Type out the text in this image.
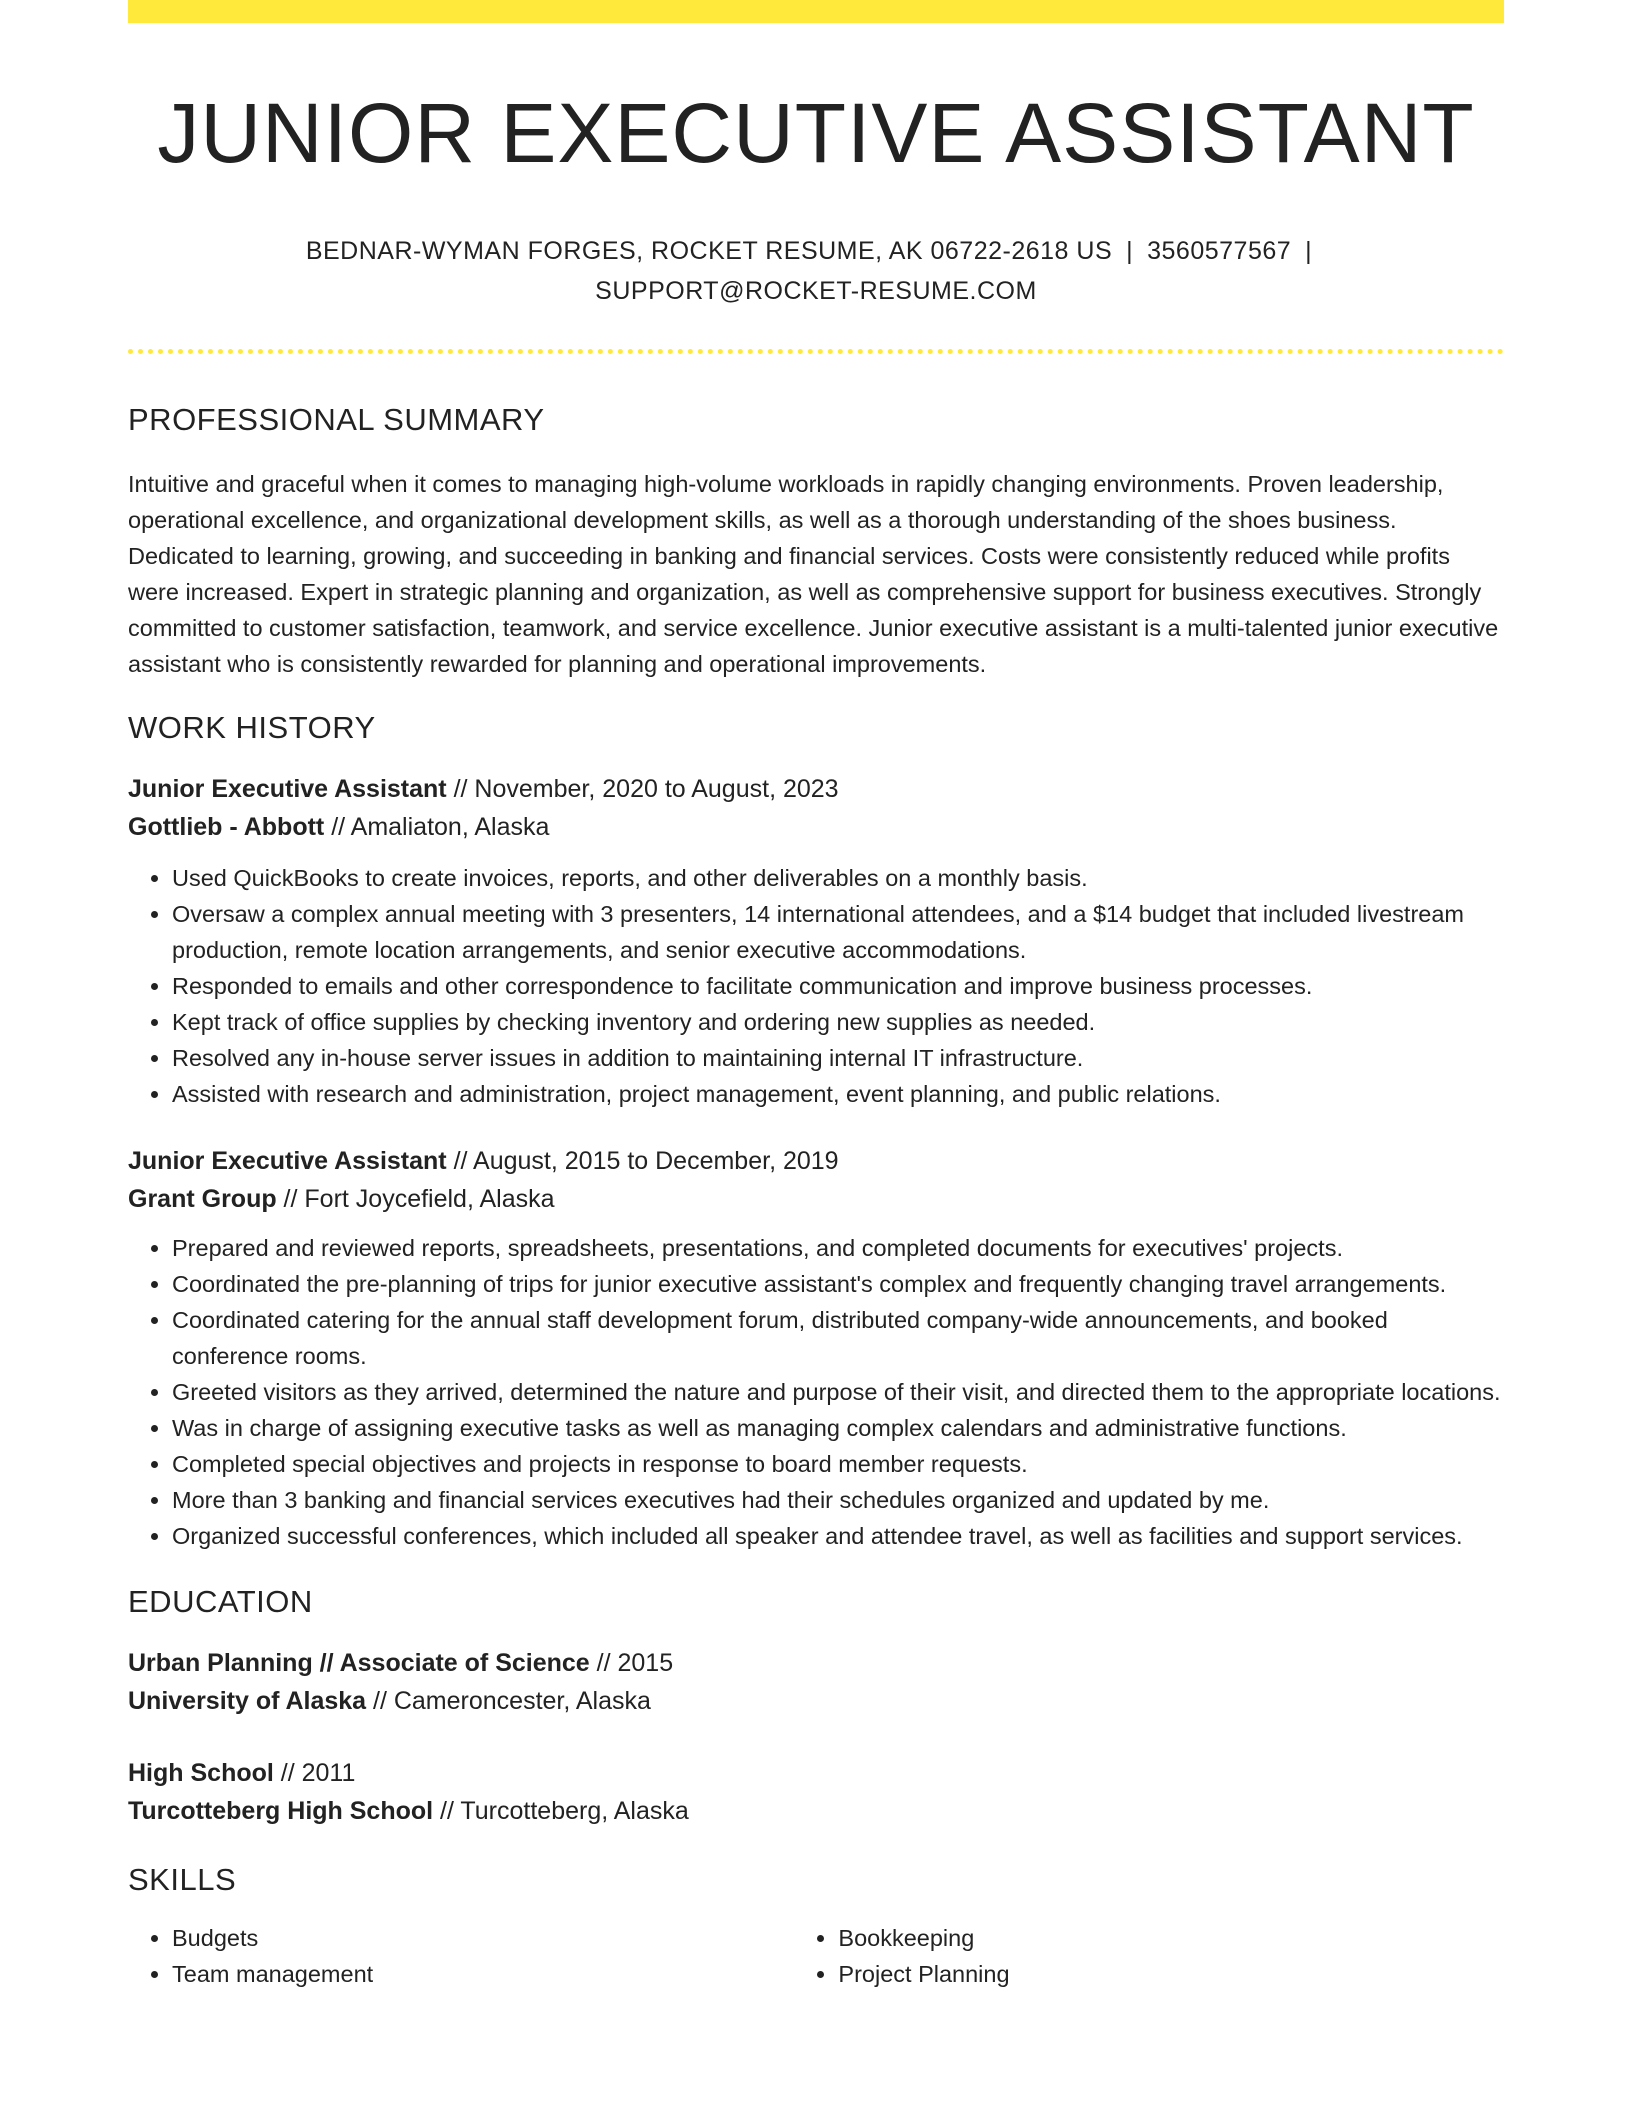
JUNIOR EXECUTIVE ASSISTANT
BEDNAR-WYMAN FORGES, ROCKET RESUME, AK 06722-2618 US | 3560577567 |
SUPPORT@ROCKET-RESUME.COM
PROFESSIONAL SUMMARY
Intuitive and graceful when it comes to managing high-volume workloads in rapidly changing environments. Proven leadership, operational excellence, and organizational development skills, as well as a thorough understanding of the shoes business. Dedicated to learning, growing, and succeeding in banking and financial services. Costs were consistently reduced while profits were increased. Expert in strategic planning and organization, as well as comprehensive support for business executives. Strongly committed to customer satisfaction, teamwork, and service excellence. Junior executive assistant is a multi-talented junior executive assistant who is consistently rewarded for planning and operational improvements.
WORK HISTORY
Junior Executive Assistant // November, 2020 to August, 2023
Gottlieb - Abbott // Amaliaton, Alaska
• Used QuickBooks to create invoices, reports, and other deliverables on a monthly basis.
• Oversaw a complex annual meeting with 3 presenters, 14 international attendees, and a $14 budget that included livestream production, remote location arrangements, and senior executive accommodations.
• Responded to emails and other correspondence to facilitate communication and improve business processes.
• Kept track of office supplies by checking inventory and ordering new supplies as needed.
• Resolved any in-house server issues in addition to maintaining internal IT infrastructure.
• Assisted with research and administration, project management, event planning, and public relations.
Junior Executive Assistant // August, 2015 to December, 2019
Grant Group // Fort Joycefield, Alaska
• Prepared and reviewed reports, spreadsheets, presentations, and completed documents for executives' projects.
• Coordinated the pre-planning of trips for junior executive assistant's complex and frequently changing travel arrangements.
• Coordinated catering for the annual staff development forum, distributed company-wide announcements, and booked conference rooms.
• Greeted visitors as they arrived, determined the nature and purpose of their visit, and directed them to the appropriate locations.
• Was in charge of assigning executive tasks as well as managing complex calendars and administrative functions.
• Completed special objectives and projects in response to board member requests.
• More than 3 banking and financial services executives had their schedules organized and updated by me.
• Organized successful conferences, which included all speaker and attendee travel, as well as facilities and support services.
EDUCATION
Urban Planning // Associate of Science // 2015
University of Alaska // Cameroncester, Alaska
High School // 2011
Turcotteberg High School // Turcotteberg, Alaska
SKILLS
• Budgets
• Team management
• Bookkeeping
• Project Planning
